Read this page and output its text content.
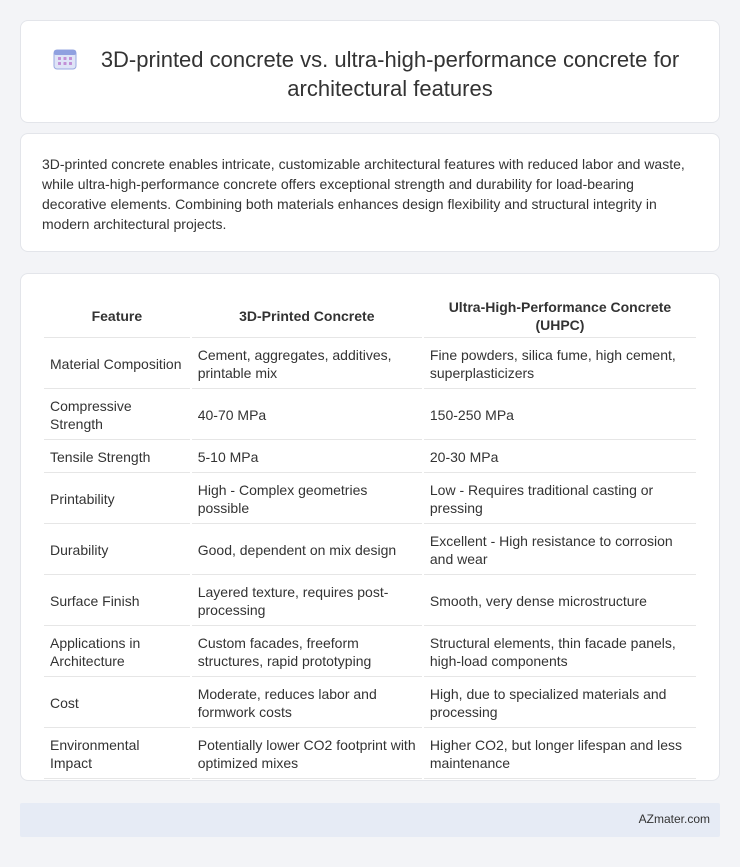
3D-printed concrete vs. ultra-high-performance concrete for architectural features

3D-printed concrete enables intricate, customizable architectural features with reduced labor and waste, while ultra-high-performance concrete offers exceptional strength and durability for load-bearing decorative elements. Combining both materials enhances design flexibility and structural integrity in modern architectural projects.

Feature	3D-Printed Concrete	Ultra-High-Performance Concrete (UHPC)
Material Composition	Cement, aggregates, additives, printable mix	Fine powders, silica fume, high cement, superplasticizers
Compressive Strength	40-70 MPa	150-250 MPa
Tensile Strength	5-10 MPa	20-30 MPa
Printability	High - Complex geometries possible	Low - Requires traditional casting or pressing
Durability	Good, dependent on mix design	Excellent - High resistance to corrosion and wear
Surface Finish	Layered texture, requires post-processing	Smooth, very dense microstructure
Applications in Architecture	Custom facades, freeform structures, rapid prototyping	Structural elements, thin facade panels, high-load components
Cost	Moderate, reduces labor and formwork costs	High, due to specialized materials and processing
Environmental Impact	Potentially lower CO2 footprint with optimized mixes	Higher CO2, but longer lifespan and less maintenance
AZmater.com
